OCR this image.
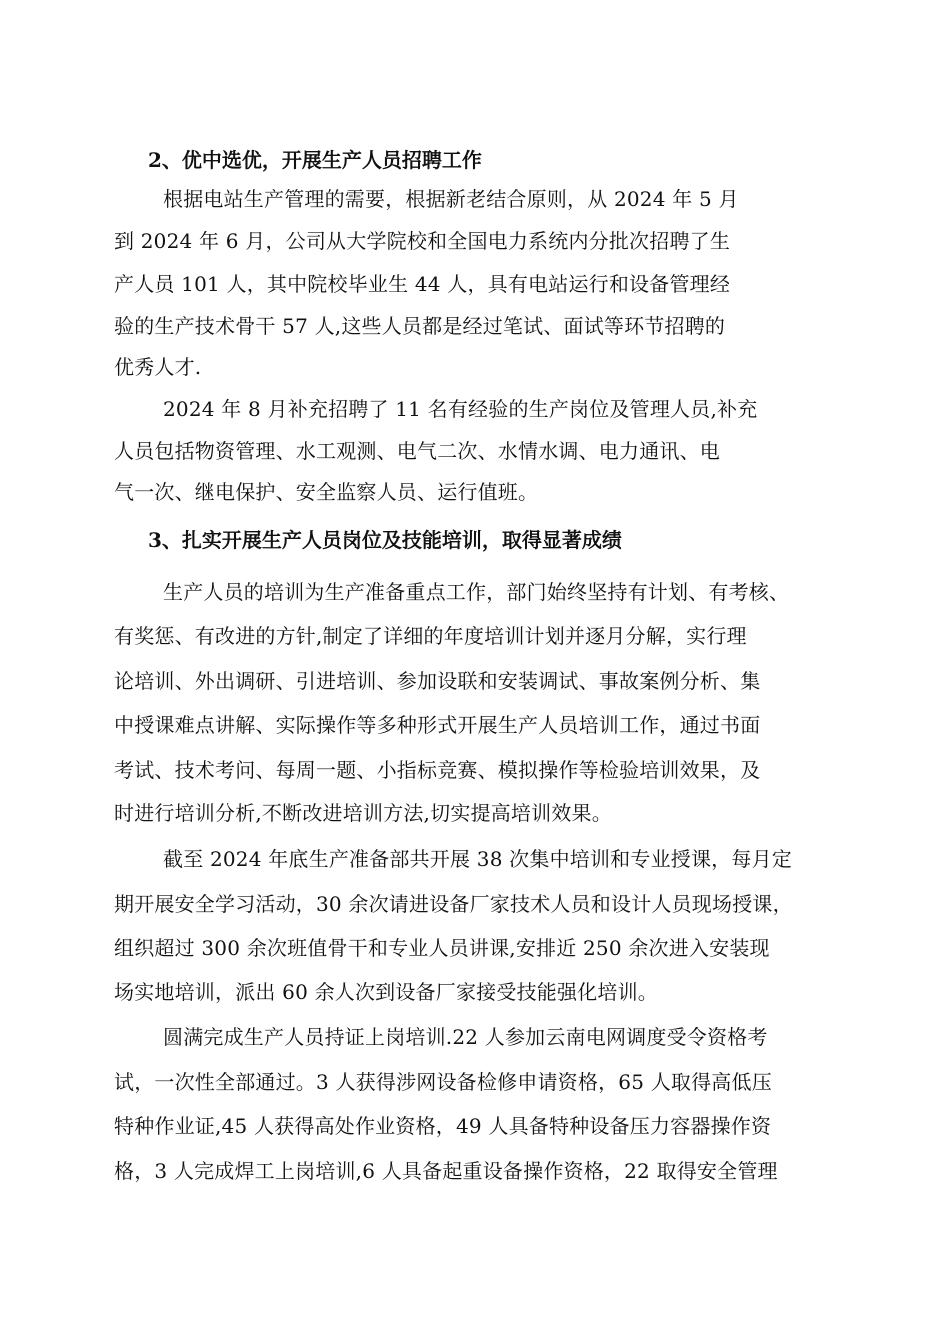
2、优中选优，开展生产人员招聘工作
根据电站生产管理的需要，根据新老结合原则，从 2024 年 5 月
到 2024 年 6 月，公司从大学院校和全国电力系统内分批次招聘了生
产人员 101 人，其中院校毕业生 44 人，具有电站运行和设备管理经
验的生产技术骨干 57 人,这些人员都是经过笔试、面试等环节招聘的
优秀人才.
2024 年 8 月补充招聘了 11 名有经验的生产岗位及管理人员,补充
人员包括物资管理、水工观测、电气二次、水情水调、电力通讯、电
气一次、继电保护、安全监察人员、运行值班。
3、扎实开展生产人员岗位及技能培训，取得显著成绩
生产人员的培训为生产准备重点工作，部门始终坚持有计划、有考核、
有奖惩、有改进的方针,制定了详细的年度培训计划并逐月分解，实行理
论培训、外出调研、引进培训、参加设联和安装调试、事故案例分析、集
中授课难点讲解、实际操作等多种形式开展生产人员培训工作，通过书面
考试、技术考问、每周一题、小指标竞赛、模拟操作等检验培训效果，及
时进行培训分析,不断改进培训方法,切实提高培训效果。
截至 2024 年底生产准备部共开展 38 次集中培训和专业授课，每月定
期开展安全学习活动，30 余次请进设备厂家技术人员和设计人员现场授课，
组织超过 300 余次班值骨干和专业人员讲课,安排近 250 余次进入安装现
场实地培训，派出 60 余人次到设备厂家接受技能强化培训。
圆满完成生产人员持证上岗培训.22 人参加云南电网调度受令资格考
试，一次性全部通过。3 人获得涉网设备检修申请资格，65 人取得高低压
特种作业证,45 人获得高处作业资格，49 人具备特种设备压力容器操作资
格，3 人完成焊工上岗培训,6 人具备起重设备操作资格，22 取得安全管理
